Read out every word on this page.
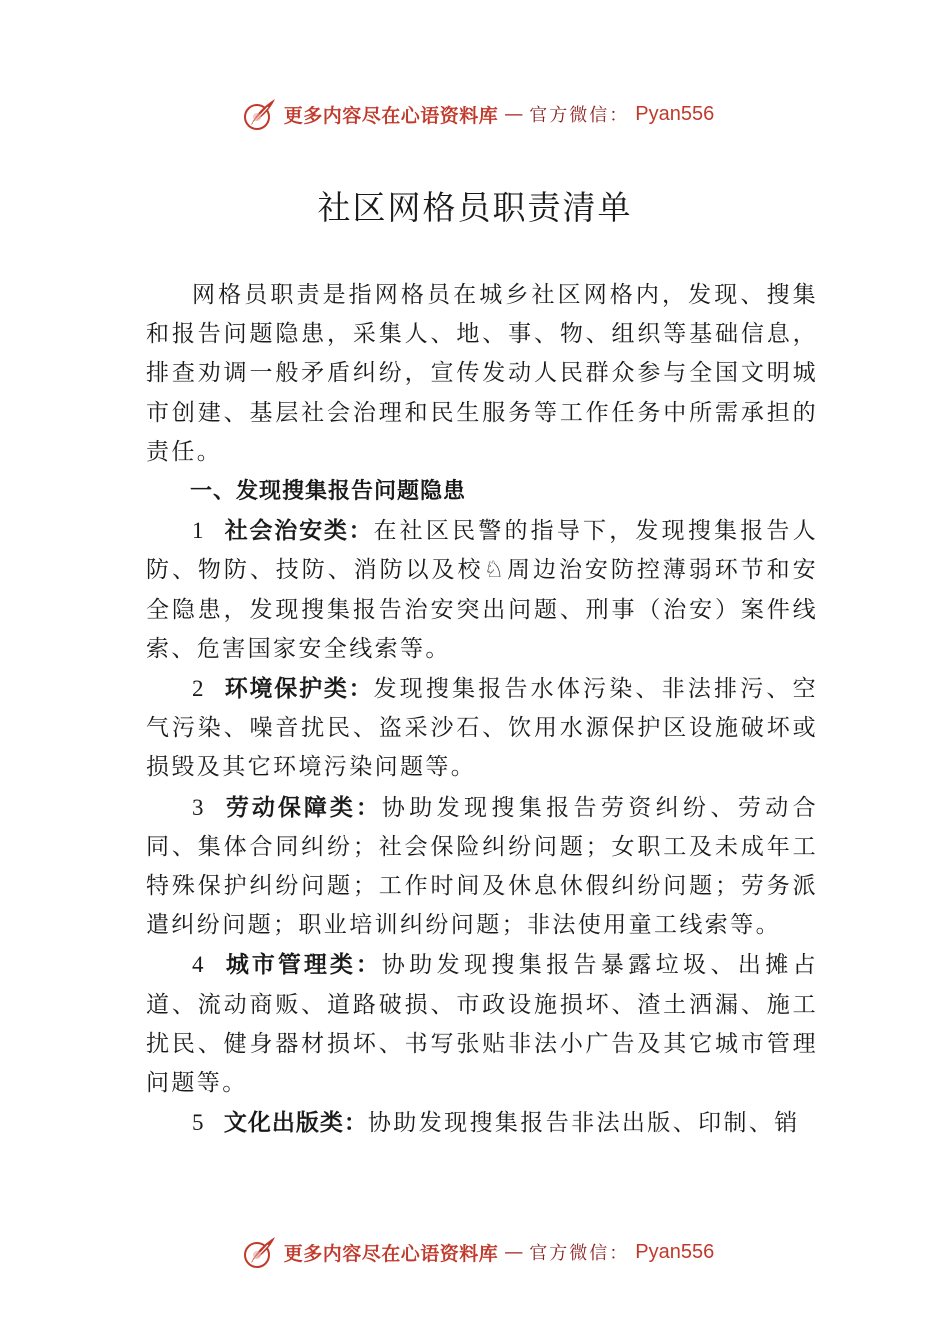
更多内容尽在心语资料库 — 官方微信： Pyan556
社区网格员职责清单

网格员职责是指网格员在城乡社区网格内，发现、搜集和报告问题隐患，采集人、地、事、物、组织等基础信息， 排查劝调一般矛盾纠纷，宣传发动人民群众参与全国文明城市创建、基层社会治理和民生服务等工作任务中所需承担的责任。

一、发现搜集报告问题隐患

1 社会治安类：在社区民警的指导下，发现搜集报告人防、物防、技防、消防以及校♘周边治安防控薄弱环节和安全隐患，发现搜集报告治安突出问题、刑事（治安）案件线索、危害国家安全线索等。

2 环境保护类：发现搜集报告水体污染、非法排污、空气污染、噪音扰民、盗采沙石、饮用水源保护区设施破坏或损毁及其它环境污染问题等。

3 劳动保障类：协助发现搜集报告劳资纠纷、劳动合同、集体合同纠纷；社会保险纠纷问题；女职工及未成年工特殊保护纠纷问题；工作时间及休息休假纠纷问题；劳务派遣纠纷问题；职业培训纠纷问题；非法使用童工线索等。

4 城市管理类：协助发现搜集报告暴露垃圾、出摊占道、流动商贩、道路破损、市政设施损坏、渣土洒漏、施工扰民、健身器材损坏、书写张贴非法小广告及其它城市管理问题等。

5 文化出版类：协助发现搜集报告非法出版、印制、销

更多内容尽在心语资料库 — 官方微信： Pyan556
